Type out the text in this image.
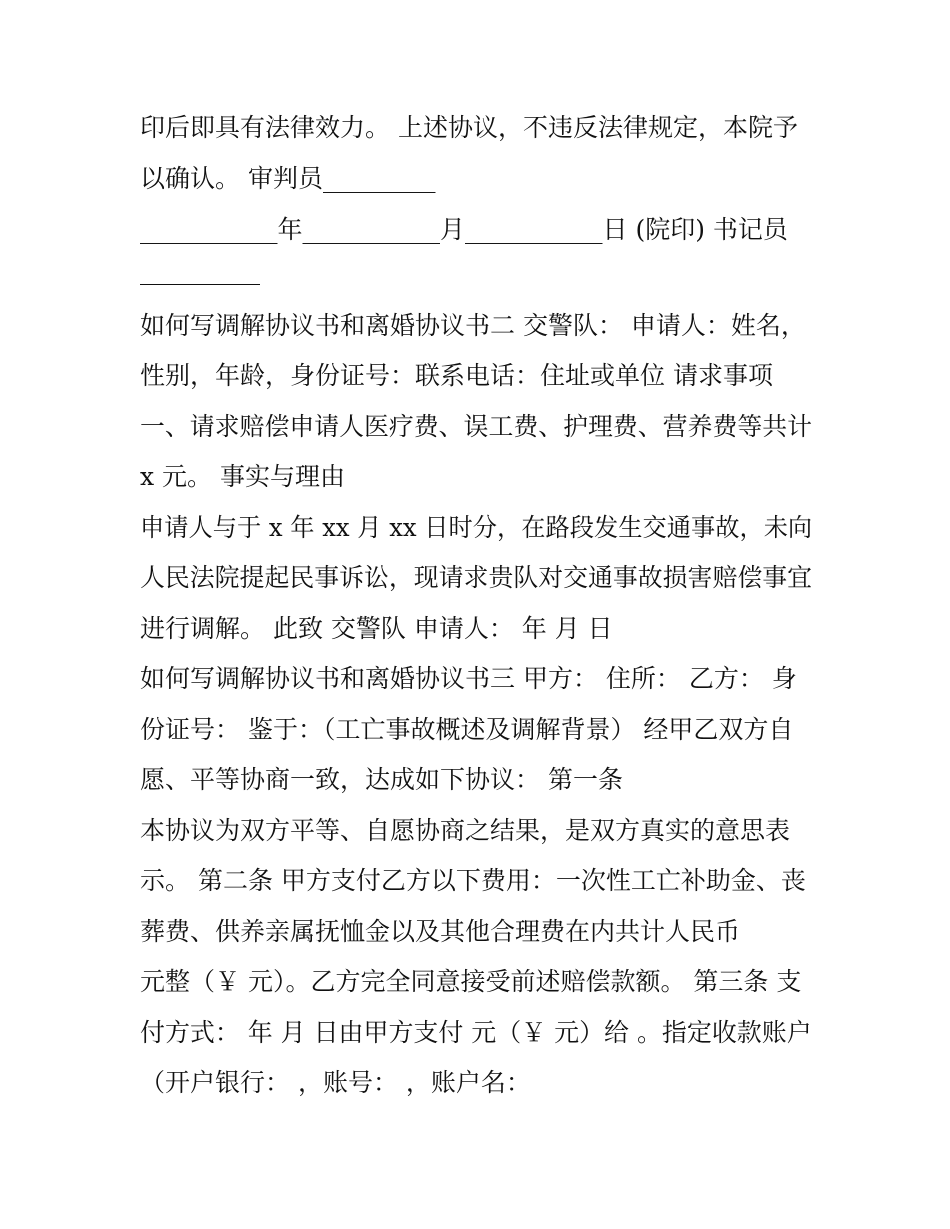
印后即具有法律效力。 上述协议，不违反法律规定，本院予
以确认。 审判员_________
___________年___________月___________日 (院印) 书记员
如何写调解协议书和离婚协议书二 交警队： 申请人：姓名，
性别，年龄，身份证号：联系电话：住址或单位 请求事项
一、请求赔偿申请人医疗费、误工费、护理费、营养费等共计
x 元。 事实与理由
申请人与于 x 年 xx 月 xx 日时分，在路段发生交通事故，未向
人民法院提起民事诉讼，现请求贵队对交通事故损害赔偿事宜
进行调解。 此致 交警队 申请人： 年 月 日
如何写调解协议书和离婚协议书三 甲方： 住所： 乙方： 身
份证号： 鉴于：（工亡事故概述及调解背景） 经甲乙双方自
愿、平等协商一致，达成如下协议： 第一条
本协议为双方平等、自愿协商之结果，是双方真实的意思表
示。 第二条 甲方支付乙方以下费用：一次性工亡补助金、丧
葬费、供养亲属抚恤金以及其他合理费在内共计人民币
元整（￥ 元）。乙方完全同意接受前述赔偿款额。 第三条 支
付方式： 年 月 日由甲方支付 元（￥ 元）给 。指定收款账户
（开户银行： ，账号： ，账户名：
